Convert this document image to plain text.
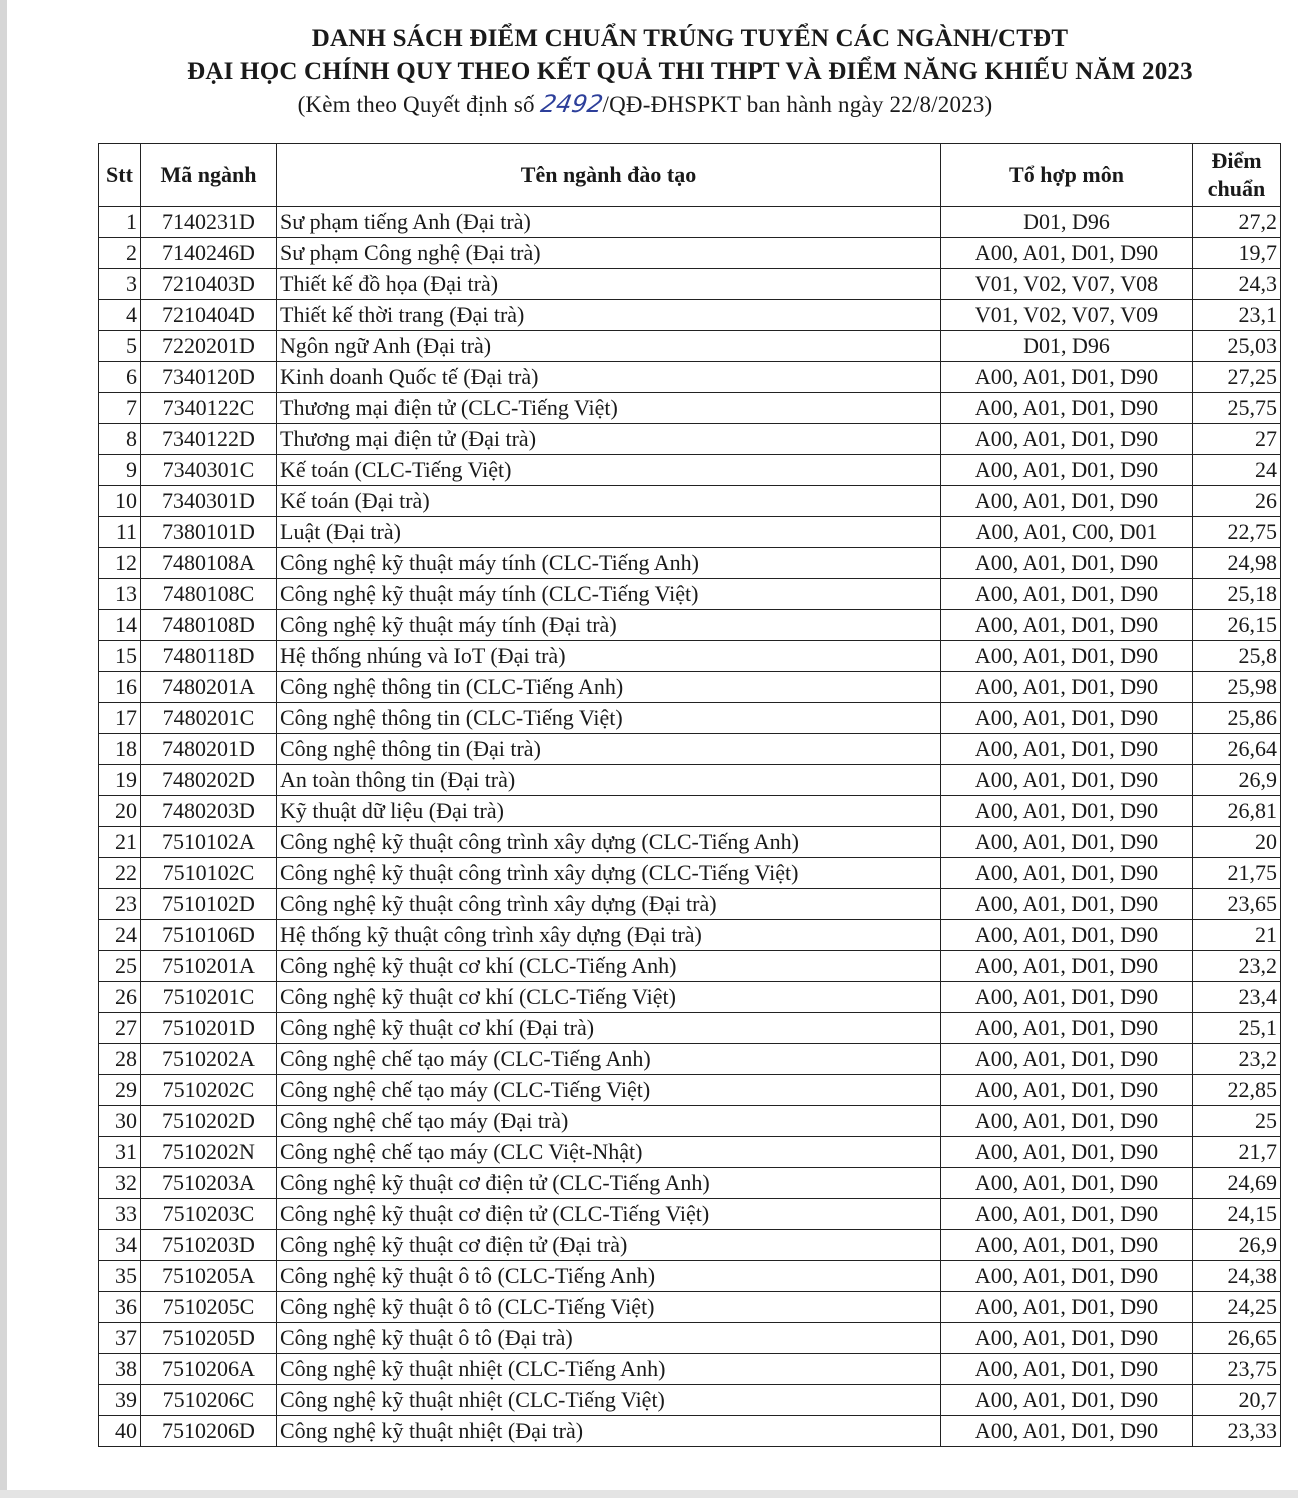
DANH SÁCH ĐIỂM CHUẨN TRÚNG TUYỂN CÁC NGÀNH/CTĐT
ĐẠI HỌC CHÍNH QUY THEO KẾT QUẢ THI THPT VÀ ĐIỂM NĂNG KHIẾU NĂM 2023
(Kèm theo Quyết định số 2492/QĐ-ĐHSPKT ban hành ngày 22/8/2023)
Stt	Mã ngành	Tên ngành đào tạo	Tổ hợp môn	Điểm
chuẩn
1	7140231D	Sư phạm tiếng Anh (Đại trà)	D01, D96	27,2
2	7140246D	Sư phạm Công nghệ (Đại trà)	A00, A01, D01, D90	19,7
3	7210403D	Thiết kế đồ họa (Đại trà)	V01, V02, V07, V08	24,3
4	7210404D	Thiết kế thời trang (Đại trà)	V01, V02, V07, V09	23,1
5	7220201D	Ngôn ngữ Anh (Đại trà)	D01, D96	25,03
6	7340120D	Kinh doanh Quốc tế (Đại trà)	A00, A01, D01, D90	27,25
7	7340122C	Thương mại điện tử (CLC-Tiếng Việt)	A00, A01, D01, D90	25,75
8	7340122D	Thương mại điện tử (Đại trà)	A00, A01, D01, D90	27
9	7340301C	Kế toán (CLC-Tiếng Việt)	A00, A01, D01, D90	24
10	7340301D	Kế toán (Đại trà)	A00, A01, D01, D90	26
11	7380101D	Luật (Đại trà)	A00, A01, C00, D01	22,75
12	7480108A	Công nghệ kỹ thuật máy tính (CLC-Tiếng Anh)	A00, A01, D01, D90	24,98
13	7480108C	Công nghệ kỹ thuật máy tính (CLC-Tiếng Việt)	A00, A01, D01, D90	25,18
14	7480108D	Công nghệ kỹ thuật máy tính (Đại trà)	A00, A01, D01, D90	26,15
15	7480118D	Hệ thống nhúng và IoT (Đại trà)	A00, A01, D01, D90	25,8
16	7480201A	Công nghệ thông tin (CLC-Tiếng Anh)	A00, A01, D01, D90	25,98
17	7480201C	Công nghệ thông tin (CLC-Tiếng Việt)	A00, A01, D01, D90	25,86
18	7480201D	Công nghệ thông tin (Đại trà)	A00, A01, D01, D90	26,64
19	7480202D	An toàn thông tin (Đại trà)	A00, A01, D01, D90	26,9
20	7480203D	Kỹ thuật dữ liệu (Đại trà)	A00, A01, D01, D90	26,81
21	7510102A	Công nghệ kỹ thuật công trình xây dựng (CLC-Tiếng Anh)	A00, A01, D01, D90	20
22	7510102C	Công nghệ kỹ thuật công trình xây dựng (CLC-Tiếng Việt)	A00, A01, D01, D90	21,75
23	7510102D	Công nghệ kỹ thuật công trình xây dựng (Đại trà)	A00, A01, D01, D90	23,65
24	7510106D	Hệ thống kỹ thuật công trình xây dựng (Đại trà)	A00, A01, D01, D90	21
25	7510201A	Công nghệ kỹ thuật cơ khí (CLC-Tiếng Anh)	A00, A01, D01, D90	23,2
26	7510201C	Công nghệ kỹ thuật cơ khí (CLC-Tiếng Việt)	A00, A01, D01, D90	23,4
27	7510201D	Công nghệ kỹ thuật cơ khí (Đại trà)	A00, A01, D01, D90	25,1
28	7510202A	Công nghệ chế tạo máy (CLC-Tiếng Anh)	A00, A01, D01, D90	23,2
29	7510202C	Công nghệ chế tạo máy (CLC-Tiếng Việt)	A00, A01, D01, D90	22,85
30	7510202D	Công nghệ chế tạo máy (Đại trà)	A00, A01, D01, D90	25
31	7510202N	Công nghệ chế tạo máy (CLC Việt-Nhật)	A00, A01, D01, D90	21,7
32	7510203A	Công nghệ kỹ thuật cơ điện tử (CLC-Tiếng Anh)	A00, A01, D01, D90	24,69
33	7510203C	Công nghệ kỹ thuật cơ điện tử (CLC-Tiếng Việt)	A00, A01, D01, D90	24,15
34	7510203D	Công nghệ kỹ thuật cơ điện tử (Đại trà)	A00, A01, D01, D90	26,9
35	7510205A	Công nghệ kỹ thuật ô tô (CLC-Tiếng Anh)	A00, A01, D01, D90	24,38
36	7510205C	Công nghệ kỹ thuật ô tô (CLC-Tiếng Việt)	A00, A01, D01, D90	24,25
37	7510205D	Công nghệ kỹ thuật ô tô (Đại trà)	A00, A01, D01, D90	26,65
38	7510206A	Công nghệ kỹ thuật nhiệt (CLC-Tiếng Anh)	A00, A01, D01, D90	23,75
39	7510206C	Công nghệ kỹ thuật nhiệt (CLC-Tiếng Việt)	A00, A01, D01, D90	20,7
40	7510206D	Công nghệ kỹ thuật nhiệt (Đại trà)	A00, A01, D01, D90	23,33
